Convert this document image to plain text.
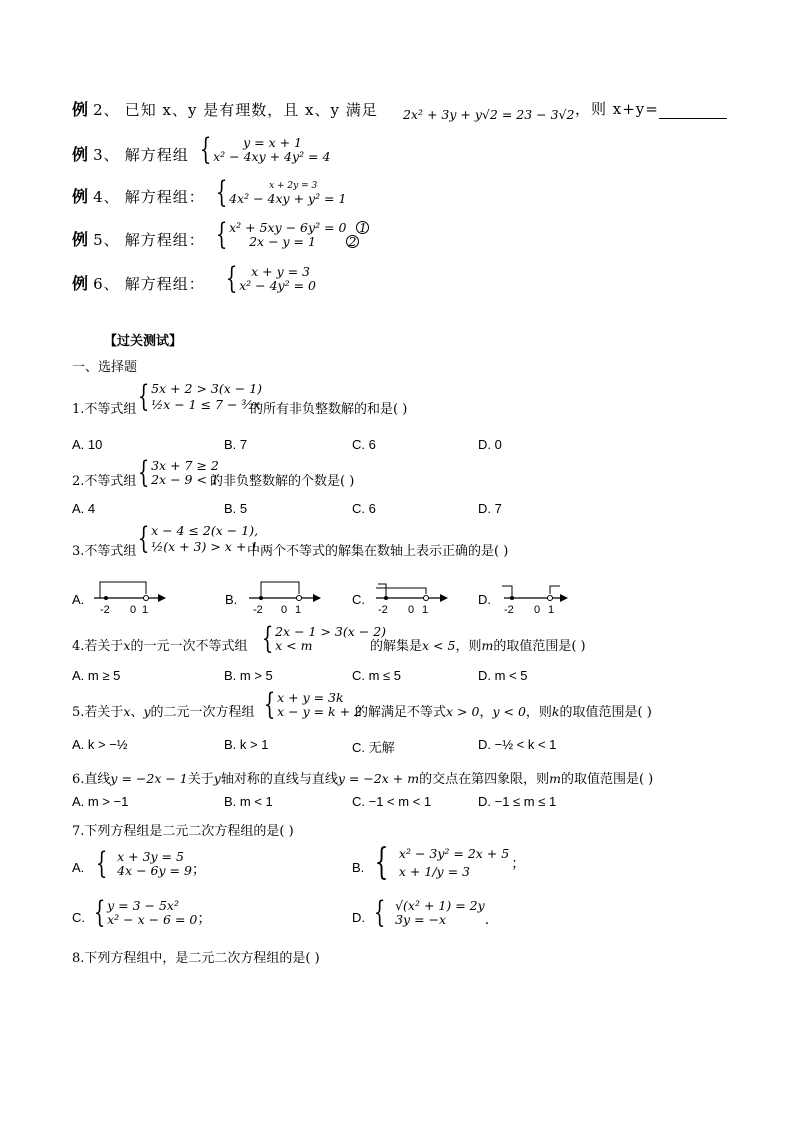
例 2、 已知 x、y 是有理数，且 x、y 满足 2x² + 3y + y√2 = 23 − 3√2 ，则 x+y=
例 3、 解方程组 {	y = x + 1
x² − 4xy + 4y² = 4
例 4、 解方程组： {	x + 2y = 3
4x² − 4xy + y² = 1
例 5、 解方程组： { x² + 5xy − 6y² = 0 1
2x − y = 1	2
例 6、 解方程组： {	x + y = 3
x² − 4y² = 0
【过关测试】
一、选择题
1.不等式组 { 5x + 2 > 3(x − 1)
½x − 1 ≤ 7 − ³⁄₂x
的所有非负整数解的和是( )
A. 10	B. 7	C. 6	D. 0
2.不等式组 { 3x + 7 ≥ 2
2x − 9 < 1
的非负整数解的个数是( )
A. 4	B. 5	C. 6	D. 7
3.不等式组 { x − 4 ≤ 2(x − 1),
½(x + 3) > x + 1
中两个不等式的解集在数轴上表示正确的是( )
A.
-2 0 1
B.
-2 0 1
C.
-2 0 1
D.
-2 0 1
4.若关于x的一元一次不等式组 { 2x − 1 > 3(x − 2)
x < m	的解集是x < 5，则m的取值范围是( )
A. m ≥ 5	B. m > 5	C. m ≤ 5	D. m < 5
5.若关于x、y的二元一次方程组 { x + y = 3k
x − y = k + 2
的解满足不等式x > 0，y < 0，则k的取值范围是( )
A. k > −½	B. k > 1	C. 无解	D. −½ < k < 1
6.直线y = −2x − 1关于y轴对称的直线与直线y = −2x + m的交点在第四象限，则m的取值范围是( )
A. m > −1	B. m < 1	C. −1 < m < 1	D. −1 ≤ m ≤ 1
7.下列方程组是二元二次方程组的是( )
A. { x + 3y = 5
4x − 6y = 9 ；	B. { x² − 3y² = 2x + 5
x + 1/y = 3	；
C. { y = 3 − 5x²
x² − x − 6 = 0 ；	D. { √(x² + 1) = 2y
3y = −x	.
8.下列方程组中，是二元二次方程组的是( )
